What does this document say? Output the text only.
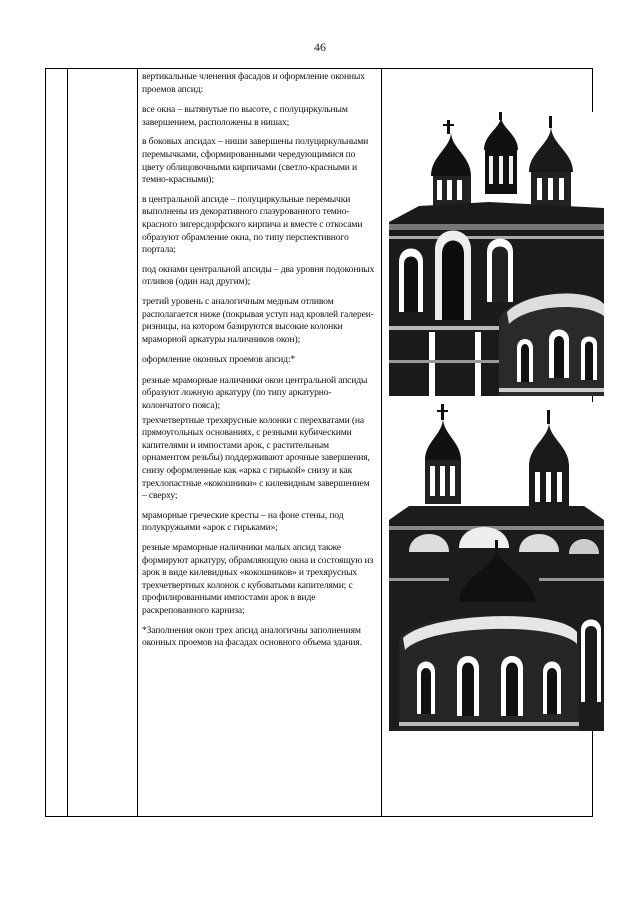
46

вертикальные членения фасадов и оформление оконных проемов апсид:

все окна – вытянутые по высоте, с полуциркульным завершением, расположены в нишах;

в боковых апсидах – ниши завершены полуциркульными перемычками, сформированными чередующимися по цвету облицовочными кирпичами (светло-красными и темно-красными);

в центральной апсиде – полуциркульные перемычки выполнены из декоративного глазурованного темно-красного зигерсдорфского кирпича и вместе с откосами образуют обрамление окна, по типу перспективного портала;

под окнами центральной апсиды – два уровня подоконных отливов (один над другим);

третий уровень с аналогичным медным отливом располагается ниже (покрывая уступ над кровлей галереи-ризницы, на котором базируются высокие колонки мраморной аркатуры наличников окон);

оформление оконных проемов апсид:*

резные мраморные наличники окон центральной апсиды образуют ложную аркатуру (по типу аркатурно-колончатого пояса);

трехчетвертные трехярусные колонки с перехватами (на прямоугольных основаниях, с резными кубическими капителями и импостами арок, с растительным орнаментом резьбы) поддерживают арочные завершения, снизу оформленные как «арка с гирькой» снизу и как трехлопастные «кокошники» с килевидным завершением – сверху;

мраморные греческие кресты – на фоне стены, под полукружьями «арок с гирьками»;

резные мраморные наличники малых апсид также формируют аркатуру, обрамляющую окна и состоящую из арок в виде килевидных «кокошников» и трехярусных трехчетвертных колонок с кубоватыми капителями; с профилированными импостами арок в виде раскрепованного карниза;

*Заполнения окон трех апсид аналогичны заполнениям оконных проемов на фасадах основного объема здания.
